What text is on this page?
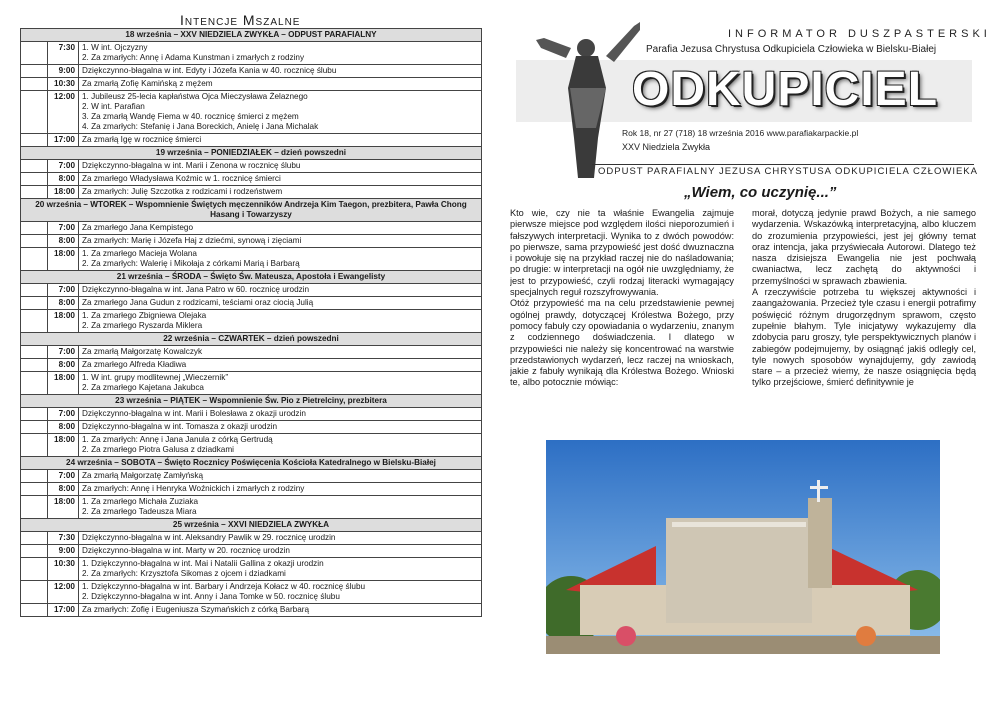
Intencje Mszalne
18 września – XXV NIEDZIELA ZWYKŁA – ODPUST PARAFIALNY		
	7:30	1. W int. Ojczyzny
2. Za zmarłych: Annę i Adama Kunstman i zmarłych z rodziny

	9:00	Dziękczynno-błagalna w int. Edyty i Józefa Kania w 40. rocznicę ślubu

	10:30	Za zmarłą Zofię Kamińską z mężem

	12:00	1. Jubileusz 25-lecia kapłaństwa Ojca Mieczysława Żelaznego
2. W int. Parafian
3. Za zmarłą Wandę Fiema w 40. rocznicę śmierci z mężem
4. Za zmarłych: Stefanię i Jana Boreckich, Anielę i Jana Michalak

	17:00	Za zmarłą Igę w rocznicę śmierci

19 września – PONIEDZIAŁEK – dzień powszedni		
	7:00	Dziękczynno-błagalna w int. Marii i Zenona w rocznicę ślubu

	8:00	Za zmarłego Władysława Koźmic w 1. rocznicę śmierci

	18:00	Za zmarłych: Julię Szczotka z rodzicami i rodzeństwem

20 września – WTOREK – Wspomnienie Świętych męczenników Andrzeja Kim Taegon, prezbitera, Pawła Chong Hasang i Towarzyszy		
	7:00	Za zmarłego Jana Kempistego

	8:00	Za zmarłych: Marię i Józefa Haj z dziećmi, synową i zięciami

	18:00	1. Za zmarłego Macieja Wolana
2. Za zmarłych: Walerię i Mikołaja z córkami Marią i Barbarą

21 września – ŚRODA – Święto Św. Mateusza, Apostoła i Ewangelisty		
	7:00	Dziękczynno-błagalna w int. Jana Patro w 60. rocznicę urodzin

	8:00	Za zmarłego Jana Gudun z rodzicami, teściami oraz ciocią Julią

	18:00	1. Za zmarłego Zbigniewa Olejaka
2. Za zmarłego Ryszarda Miklera

22 września – CZWARTEK – dzień powszedni		
	7:00	Za zmarłą Małgorzatę Kowalczyk

	8:00	Za zmarłego Alfreda Kładiwa

	18:00	1. W int. grupy modlitewnej „Wieczernik”
2. Za zmarłego Kajetana Jakubca

23 września – PIĄTEK – Wspomnienie Św. Pio z Pietrelciny, prezbitera		
	7:00	Dziękczynno-błagalna w int. Marii i Bolesława z okazji urodzin

	8:00	Dziękczynno-błagalna w int. Tomasza z okazji urodzin

	18:00	1. Za zmarłych: Annę i Jana Janula z córką Gertrudą
2. Za zmarłego Piotra Galusa z dziadkami

24 września – SOBOTA – Święto Rocznicy Poświęcenia Kościoła Katedralnego w Bielsku-Białej		
	7:00	Za zmarłą Małgorzatę Zamłyńską

	8:00	Za zmarłych: Annę i Henryka Woźnickich i zmarłych z rodziny

	18:00	1. Za zmarłego Michała Zuziaka
2. Za zmarłego Tadeusza Miara

25 września – XXVI NIEDZIELA ZWYKŁA		
	7:30	Dziękczynno-błagalna w int. Aleksandry Pawlik w 29. rocznicę urodzin

	9:00	Dziękczynno-błagalna w int. Marty w 20. rocznicę urodzin

	10:30	1. Dziękczynno-błagalna w int. Mai i Natalii Gallina z okazji urodzin
2. Za zmarłych: Krzysztofa Sikomas z ojcem i dziadkami

	12:00	1. Dziękczynno-błagalna w int. Barbary i Andrzeja Kołacz w 40. rocznicę ślubu
2. Dziękczynno-błagalna w int. Anny i Jana Tomke w 50. rocznicę ślubu

	17:00	Za zmarłych: Zofię i Eugeniusza Szymańskich z córką Barbarą
INFORMATOR DUSZPASTERSKI
Parafia Jezusa Chrystusa Odkupiciela Człowieka w Bielsku-Białej
ODKUPICIEL
Rok 18, nr 27 (718) 18 września 2016 www.parafiakarpackie.pl
XXV Niedziela Zwykła
ODPUST PARAFIALNY JEZUSA CHRYSTUSA ODKUPICIELA CZŁOWIEKA
„Wiem, co uczynię...”

Kto wie, czy nie ta właśnie Ewangelia zajmuje pierwsze miejsce pod względem ilości nieporozumień i fałszywych interpretacji. Wynika to z dwóch powodów: po pierwsze, sama przypowieść jest dość dwuznaczna i powołuje się na przykład raczej nie do naśladowania; po drugie: w interpretacji na ogół nie uwzględniamy, że jest to przypowieść, czyli rodzaj literacki wymagający specjalnych reguł rozszyfrowywania.

Otóż przypowieść ma na celu przedstawienie pewnej ogólnej prawdy, dotyczącej Królestwa Bożego, przy pomocy fabuły czy opowiadania o wydarzeniu, znanym z codziennego doświadczenia. I dlatego w przypowieści nie należy się koncentrować na warstwie przedstawionych wydarzeń, lecz raczej na wnioskach, jakie z fabuły wynikają dla Królestwa Bożego. Wnioski te, albo potocznie mówiąc:

morał, dotyczą jedynie prawd Bożych, a nie samego wydarzenia. Wskazówką interpretacyjną, albo kluczem do zrozumienia przypowieści, jest jej główny temat oraz intencja, jaka przyświecała Autorowi. Dlatego też nasza dzisiejsza Ewangelia nie jest pochwałą cwaniactwa, lecz zachętą do aktywności i przemyślności w sprawach zbawienia.

A rzeczywiście potrzeba tu większej aktywności i zaangażowania. Przecież tyle czasu i energii potrafimy poświęcić różnym drugorzędnym sprawom, często zupełnie błahym. Tyle inicjatywy wykazujemy dla zdobycia paru groszy, tyle perspektywicznych planów i zabiegów podejmujemy, by osiągnąć jakiś odległy cel, tyle nowych sposobów wynajdujemy, gdy zawiodą stare – a przecież wiemy, że nasze osiągnięcia będą tylko przejściowe, śmierć definitywnie je
